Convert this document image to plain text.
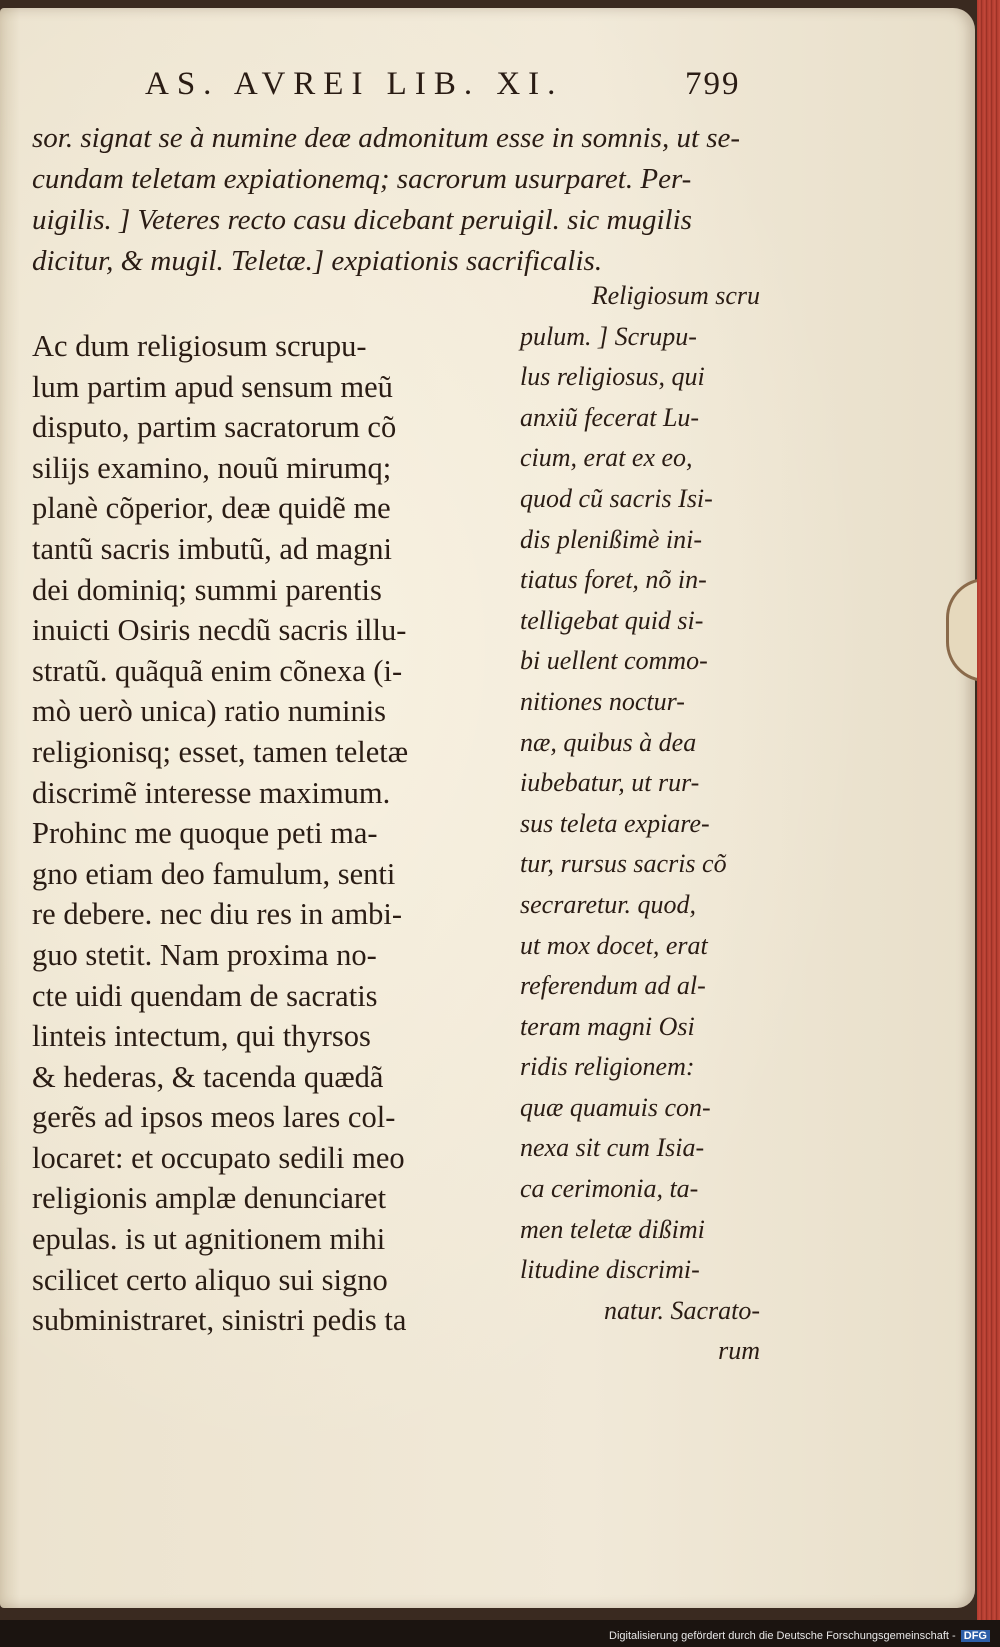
AS. AVREI LIB. XI.	799

sor. signat se à numine deæ admonitum esse in somnis, ut se-

cundam teletam expiationemq; sacrorum usurparet. Per-

uigilis. ] Veteres recto casu dicebant peruigil. sic mugilis

dicitur, & mugil. Teletæ.] expiationis sacrificalis.

Ac dum religiosum scrupu-

lum partim apud sensum meũ

disputo, partim sacratorum cõ

silijs examino, nouũ mirumq;

planè cõperior, deæ quidẽ me

tantũ sacris imbutũ, ad magni

dei dominiq; summi parentis

inuicti Osiris necdũ sacris illu-

stratũ. quãquã enim cõnexa (i-

mò uerò unica) ratio numinis

religionisq; esset, tamen teletæ

discrimẽ interesse maximum.

Prohinc me quoque peti ma-

gno etiam deo famulum, senti

re debere. nec diu res in ambi-

guo stetit. Nam proxima no-

cte uidi quendam de sacratis

linteis intectum, qui thyrsos

& hederas, & tacenda quædã

gerẽs ad ipsos meos lares col-

locaret: et occupato sedili meo

religionis amplæ denunciaret

epulas. is ut agnitionem mihi

scilicet certo aliquo sui signo

subministraret, sinistri pedis ta

Religiosum scru

pulum. ] Scrupu-

lus religiosus, qui

anxiũ fecerat Lu-

cium, erat ex eo,

quod cũ sacris Isi-

dis plenißimè ini-

tiatus foret, nõ in-

telligebat quid si-

bi uellent commo-

nitiones noctur-

næ, quibus à dea

iubebatur, ut rur-

sus teleta expiare-

tur, rursus sacris cõ

secraretur. quod,

ut mox docet, erat

referendum ad al-

teram magni Osi

ridis religionem:

quæ quamuis con-

nexa sit cum Isia-

ca cerimonia, ta-

men teletæ dißimi

litudine discrimi-

natur. Sacrato-

rum

Digitalisierung gefördert durch die Deutsche Forschungsgemeinschaft - DFG
